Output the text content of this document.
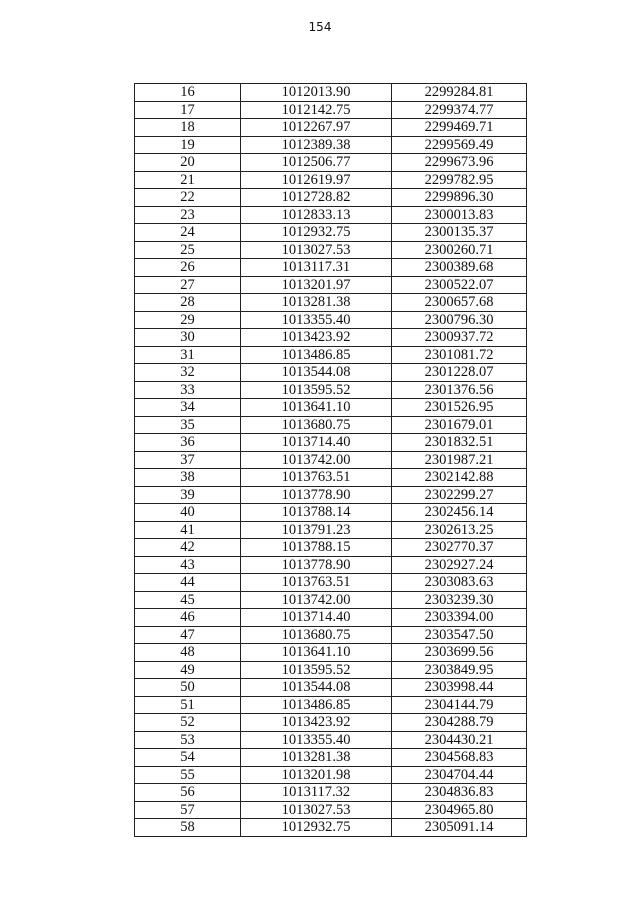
154
16	1012013.90	2299284.81
17	1012142.75	2299374.77
18	1012267.97	2299469.71
19	1012389.38	2299569.49
20	1012506.77	2299673.96
21	1012619.97	2299782.95
22	1012728.82	2299896.30
23	1012833.13	2300013.83
24	1012932.75	2300135.37
25	1013027.53	2300260.71
26	1013117.31	2300389.68
27	1013201.97	2300522.07
28	1013281.38	2300657.68
29	1013355.40	2300796.30
30	1013423.92	2300937.72
31	1013486.85	2301081.72
32	1013544.08	2301228.07
33	1013595.52	2301376.56
34	1013641.10	2301526.95
35	1013680.75	2301679.01
36	1013714.40	2301832.51
37	1013742.00	2301987.21
38	1013763.51	2302142.88
39	1013778.90	2302299.27
40	1013788.14	2302456.14
41	1013791.23	2302613.25
42	1013788.15	2302770.37
43	1013778.90	2302927.24
44	1013763.51	2303083.63
45	1013742.00	2303239.30
46	1013714.40	2303394.00
47	1013680.75	2303547.50
48	1013641.10	2303699.56
49	1013595.52	2303849.95
50	1013544.08	2303998.44
51	1013486.85	2304144.79
52	1013423.92	2304288.79
53	1013355.40	2304430.21
54	1013281.38	2304568.83
55	1013201.98	2304704.44
56	1013117.32	2304836.83
57	1013027.53	2304965.80
58	1012932.75	2305091.14
